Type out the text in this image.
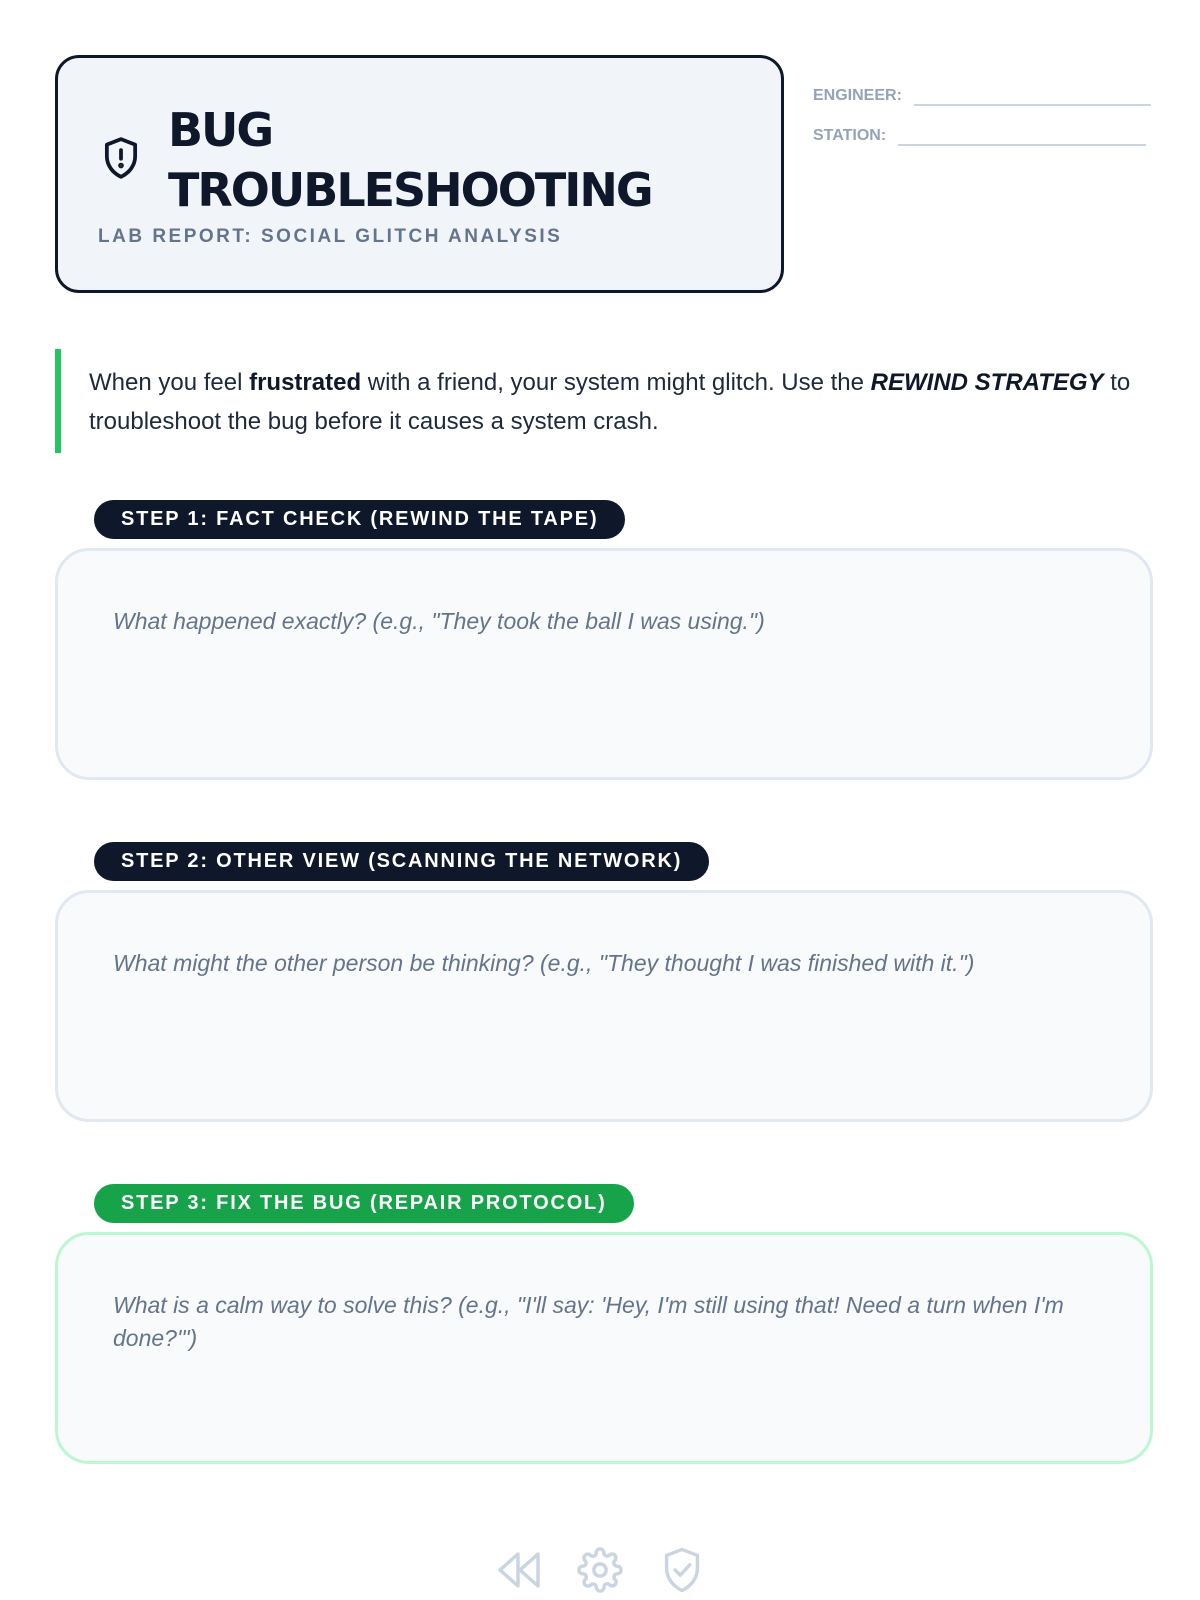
BUG
TROUBLESHOOTING

LAB REPORT: SOCIAL GLITCH ANALYSIS

ENGINEER:
STATION:
When you feel frustrated with a friend, your system might glitch. Use the REWIND STRATEGY to troubleshoot the bug before it causes a system crash.
STEP 1: FACT CHECK (REWIND THE TAPE)

What happened exactly? (e.g., "They took the ball I was using.")

STEP 2: OTHER VIEW (SCANNING THE NETWORK)

What might the other person be thinking? (e.g., "They thought I was finished with it.")

STEP 3: FIX THE BUG (REPAIR PROTOCOL)

What is a calm way to solve this? (e.g., "I'll say: 'Hey, I'm still using that! Need a turn when I'm done?'")
